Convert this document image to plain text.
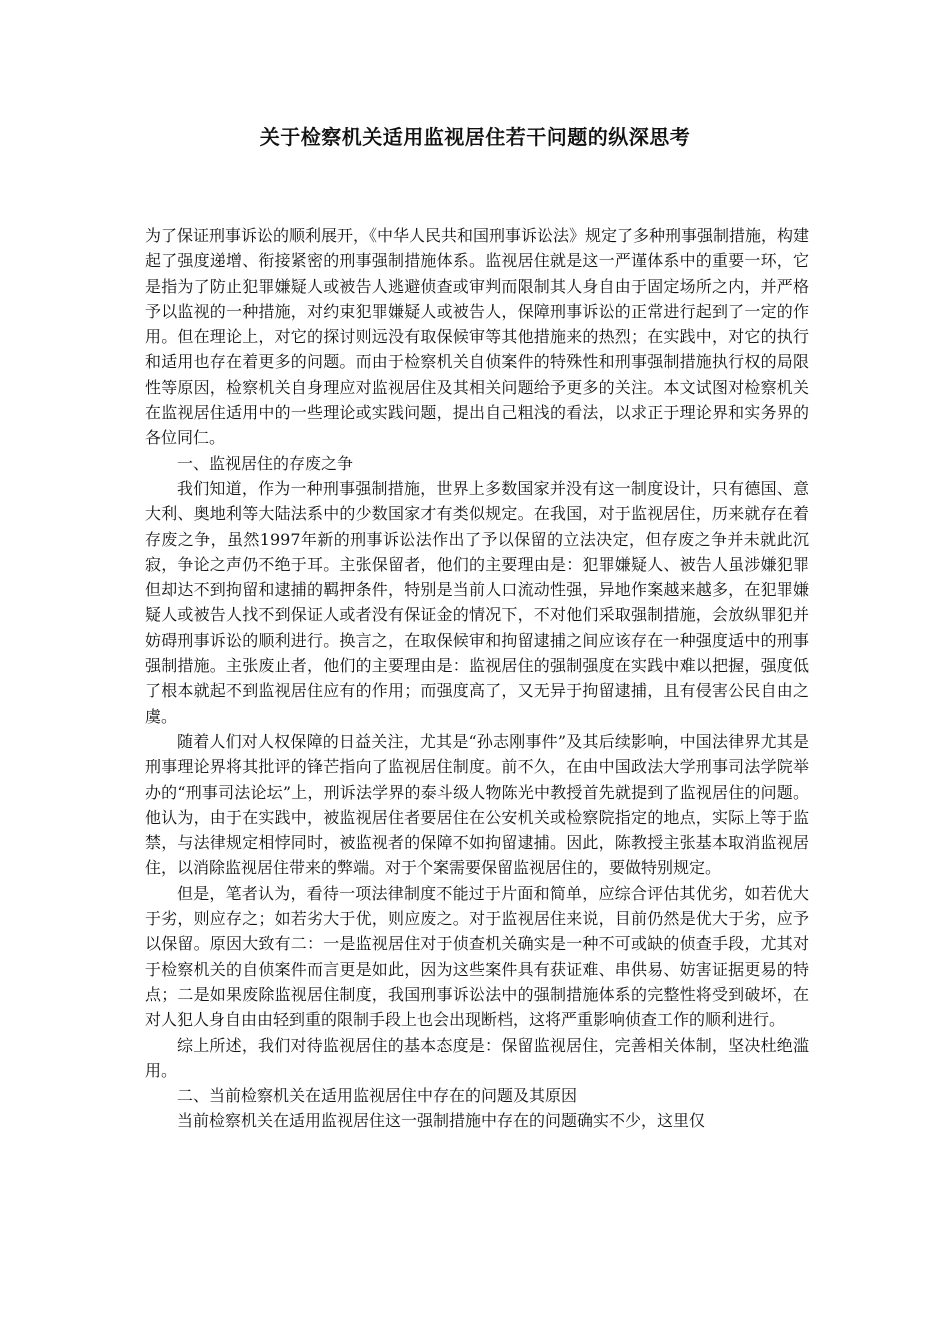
关于检察机关适用监视居住若干问题的纵深思考

为了保证刑事诉讼的顺利展开，《中华人民共和国刑事诉讼法》规定了多种刑事强制措施，构建起了强度递增、衔接紧密的刑事强制措施体系。监视居住就是这一严谨体系中的重要一环，它是指为了防止犯罪嫌疑人或被告人逃避侦查或审判而限制其人身自由于固定场所之内，并严格予以监视的一种措施，对约束犯罪嫌疑人或被告人，保障刑事诉讼的正常进行起到了一定的作用。但在理论上，对它的探讨则远没有取保候审等其他措施来的热烈；在实践中，对它的执行和适用也存在着更多的问题。而由于检察机关自侦案件的特殊性和刑事强制措施执行权的局限性等原因，检察机关自身理应对监视居住及其相关问题给予更多的关注。本文试图对检察机关在监视居住适用中的一些理论或实践问题，提出自己粗浅的看法，以求正于理论界和实务界的各位同仁。

一、监视居住的存废之争

我们知道，作为一种刑事强制措施，世界上多数国家并没有这一制度设计，只有德国、意大利、奥地利等大陆法系中的少数国家才有类似规定。在我国，对于监视居住，历来就存在着存废之争，虽然1997年新的刑事诉讼法作出了予以保留的立法决定，但存废之争并未就此沉寂，争论之声仍不绝于耳。主张保留者，他们的主要理由是：犯罪嫌疑人、被告人虽涉嫌犯罪但却达不到拘留和逮捕的羁押条件，特别是当前人口流动性强，异地作案越来越多，在犯罪嫌疑人或被告人找不到保证人或者没有保证金的情况下，不对他们采取强制措施，会放纵罪犯并妨碍刑事诉讼的顺利进行。换言之，在取保候审和拘留逮捕之间应该存在一种强度适中的刑事强制措施。主张废止者，他们的主要理由是：监视居住的强制强度在实践中难以把握，强度低了根本就起不到监视居住应有的作用；而强度高了，又无异于拘留逮捕，且有侵害公民自由之虞。

随着人们对人权保障的日益关注，尤其是“孙志刚事件”及其后续影响，中国法律界尤其是刑事理论界将其批评的锋芒指向了监视居住制度。前不久，在由中国政法大学刑事司法学院举办的“刑事司法论坛”上，刑诉法学界的泰斗级人物陈光中教授首先就提到了监视居住的问题。他认为，由于在实践中，被监视居住者要居住在公安机关或检察院指定的地点，实际上等于监禁，与法律规定相悖同时，被监视者的保障不如拘留逮捕。因此，陈教授主张基本取消监视居住，以消除监视居住带来的弊端。对于个案需要保留监视居住的，要做特别规定。

但是，笔者认为，看待一项法律制度不能过于片面和简单，应综合评估其优劣，如若优大于劣，则应存之；如若劣大于优，则应废之。对于监视居住来说，目前仍然是优大于劣，应予以保留。原因大致有二：一是监视居住对于侦查机关确实是一种不可或缺的侦查手段，尤其对于检察机关的自侦案件而言更是如此，因为这些案件具有获证难、串供易、妨害证据更易的特点；二是如果废除监视居住制度，我国刑事诉讼法中的强制措施体系的完整性将受到破坏，在对人犯人身自由由轻到重的限制手段上也会出现断档，这将严重影响侦查工作的顺利进行。

综上所述，我们对待监视居住的基本态度是：保留监视居住，完善相关体制，坚决杜绝滥用。

二、当前检察机关在适用监视居住中存在的问题及其原因

当前检察机关在适用监视居住这一强制措施中存在的问题确实不少，这里仅
